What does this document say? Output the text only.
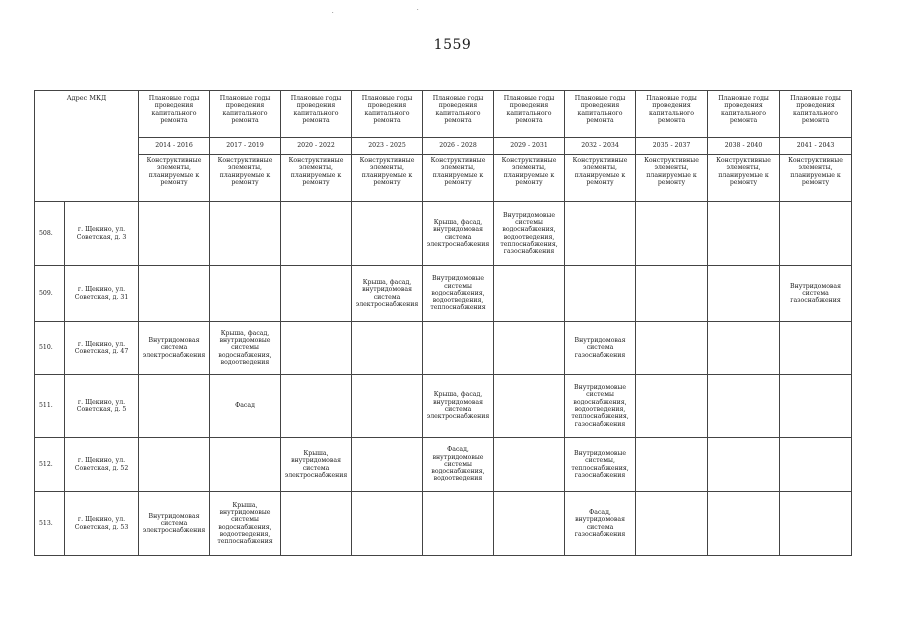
1559
˙	˙
Адрес МКД		Плановые годы проведения капитального ремонта	Плановые годы проведения капитального ремонта	Плановые годы проведения капитального ремонта	Плановые годы проведения капитального ремонта	Плановые годы проведения капитального ремонта	Плановые годы проведения капитального ремонта	Плановые годы проведения капитального ремонта	Плановые годы проведения капитального ремонта	Плановые годы проведения капитального ремонта	Плановые годы проведения капитального ремонта
		2014 - 2016	2017 - 2019	2020 - 2022	2023 - 2025	2026 - 2028	2029 - 2031	2032 - 2034	2035 - 2037	2038 - 2040	2041 - 2043
		Конструктивные элементы, планируемые к ремонту	Конструктивные элементы, планируемые к ремонту	Конструктивные элементы, планируемые к ремонту	Конструктивные элементы, планируемые к ремонту	Конструктивные элементы, планируемые к ремонту	Конструктивные элементы, планируемые к ремонту	Конструктивные элементы, планируемые к ремонту	Конструктивные элементы, планируемые к ремонту	Конструктивные элементы, планируемые к ремонту	Конструктивные элементы, планируемые к ремонту
508.	г. Щекино, ул. Советская, д. 3					Крыша, фасад, внутридомовая система электроснабжения	Внутридомовые системы водоснабжения, водоотведения, теплоснабжения, газоснабжения				
509.	г. Щекино, ул. Советская, д. 31				Крыша, фасад, внутридомовая система электроснабжения	Внутридомовые системы водоснабжения, водоотведения, теплоснабжения					Внутридомовая система газоснабжения
510.	г. Щекино, ул. Советская, д. 47	Внутридомовая система электроснабжения	Крыша, фасад, внутридомовые системы водоснабжения, водоотведения					Внутридомовая система газоснабжения			
511.	г. Щекино, ул. Советская, д. 5		Фасад			Крыша, фасад, внутридомовая система электроснабжения		Внутридомовые системы водоснабжения, водоотведения, теплоснабжения, газоснабжения			
512.	г. Щекино, ул. Советская, д. 52			Крыша, внутридомовая система электроснабжения		Фасад, внутридомовые системы водоснабжения, водоотведения		Внутридомовые системы, теплоснабжения, газоснабжения			
513.	г. Щекино, ул. Советская, д. 53	Внутридомовая система электроснабжения	Крыша, внутридомовые системы водоснабжения, водоотведения, теплоснабжения					Фасад, внутридомовая система газоснабжения			
